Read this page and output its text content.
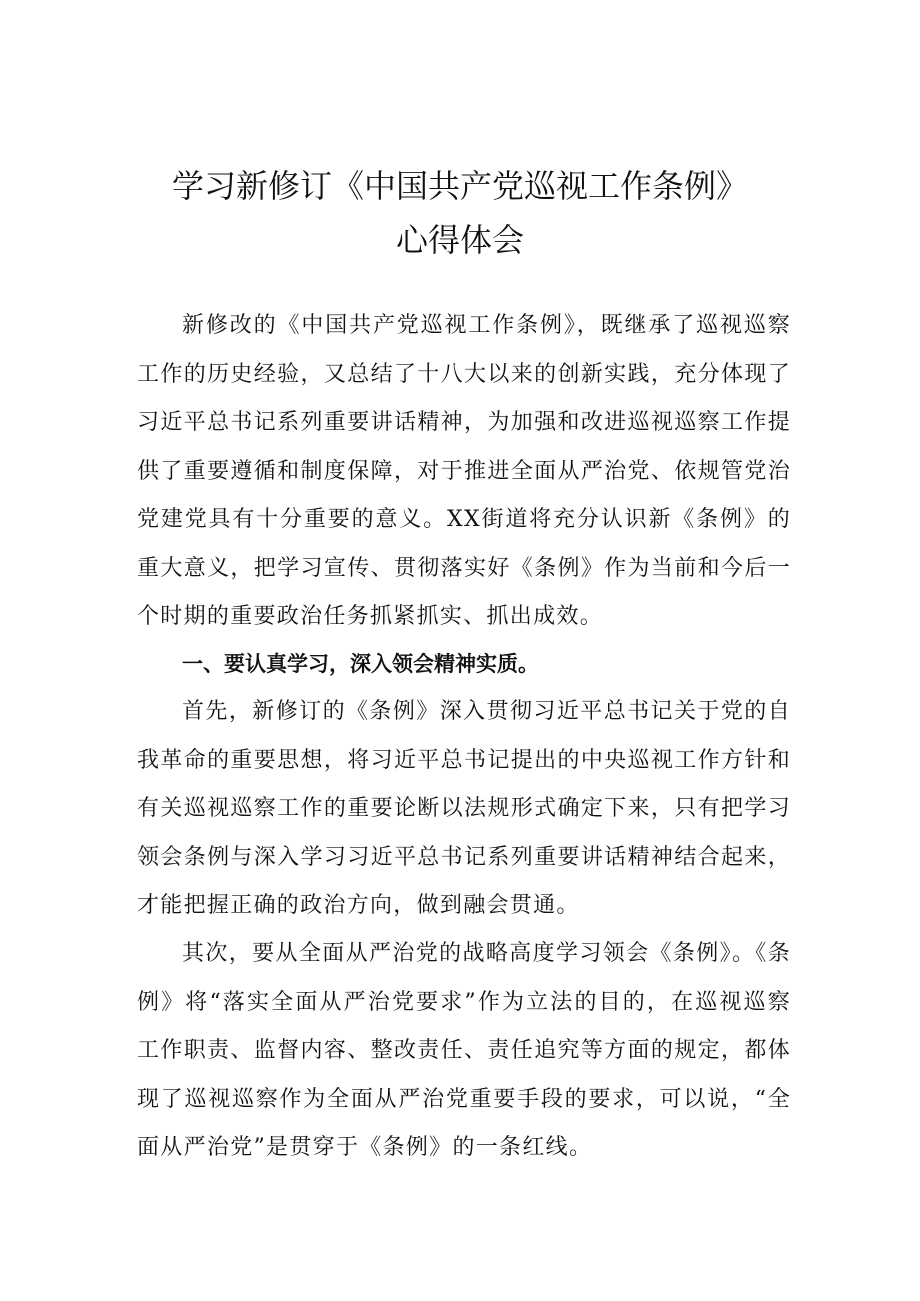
学习新修订《中国共产党巡视工作条例》
心得体会

新修改的《中国共产党巡视工作条例》，既继承了巡视巡察工作的历史经验，又总结了十八大以来的创新实践，充分体现了习近平总书记系列重要讲话精神，为加强和改进巡视巡察工作提供了重要遵循和制度保障，对于推进全面从严治党、依规管党治党建党具有十分重要的意义。XX街道将充分认识新《条例》的重大意义，把学习宣传、贯彻落实好《条例》作为当前和今后一个时期的重要政治任务抓紧抓实、抓出成效。

一、要认真学习，深入领会精神实质。

首先，新修订的《条例》深入贯彻习近平总书记关于党的自我革命的重要思想，将习近平总书记提出的中央巡视工作方针和有关巡视巡察工作的重要论断以法规形式确定下来，只有把学习领会条例与深入学习习近平总书记系列重要讲话精神结合起来，才能把握正确的政治方向，做到融会贯通。

其次，要从全面从严治党的战略高度学习领会《条例》。《条例》将“落实全面从严治党要求”作为立法的目的，在巡视巡察工作职责、监督内容、整改责任、责任追究等方面的规定，都体现了巡视巡察作为全面从严治党重要手段的要求，可以说，“全面从严治党”是贯穿于《条例》的一条红线。
